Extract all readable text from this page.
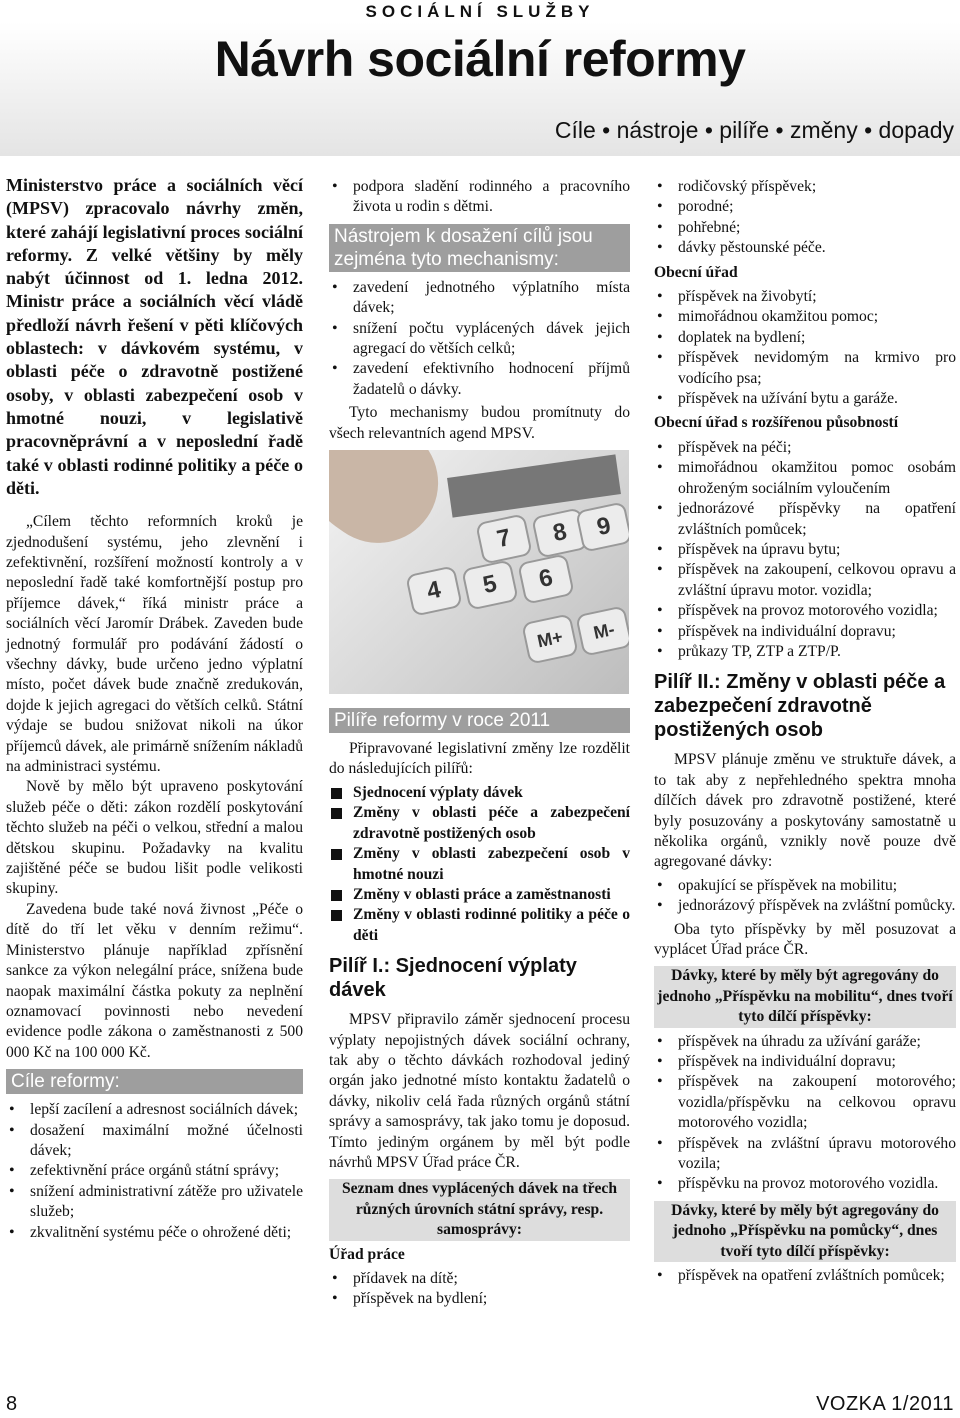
SOCIÁLNÍ SLUŽBY
Návrh sociální reformy
Cíle • nástroje • pilíře • změny • dopady

Ministerstvo práce a sociálních věcí (MPSV) zpracovalo návrhy změn, které zahájí legislativní proces sociální reformy. Z velké většiny by měly nabýt účinnost od 1. ledna 2012. Ministr práce a sociálních věcí vládě předloží návrh řešení v pěti klíčových oblastech: v dávkovém systému, v oblasti péče o zdravotně postižené osoby, v oblasti zabezpečení osob v hmotné nouzi, v legislativě pracovněprávní a v neposlední řadě také v oblasti rodinné politiky a péče o děti.

„Cílem těchto reformních kroků je zjednodušení systému, jeho zlevnění i zefektivnění, rozšíření možností kontroly a v neposlední řadě také komfortnější postup pro příjemce dávek,“ říká ministr práce a sociálních věcí Jaromír Drábek. Zaveden bude jednotný formulář pro podávání žádostí o všechny dávky, bude určeno jedno výplatní místo, počet dávek bude značně zredukován, dojde k jejich agregaci do větších celků. Státní výdaje se budou snižovat nikoli na úkor příjemců dávek, ale primárně snížením nákladů na administraci systému.

Nově by mělo být upraveno poskytování služeb péče o děti: zákon rozdělí poskytování těchto služeb na péči o velkou, střední a malou dětskou skupinu. Požadavky na kvalitu zajištěné péče se budou lišit podle velikosti skupiny.

Zavedena bude také nová živnost „Péče o dítě do tří let věku v denním režimu“. Ministerstvo plánuje například zpřísnění sankce za výkon nelegální práce, snížena bude naopak maximální částka pokuty za neplnění oznamovací povinnosti nebo nevedení evidence podle zákona o zaměstnanosti z 500 000 Kč na 100 000 Kč.

Cíle reformy:
• lepší zacílení a adresnost sociálních dávek;
• dosažení maximální možné účelnosti dávek;
• zefektivnění práce orgánů státní správy;
• snížení administrativní zátěže pro uživatele služeb;
• zkvalitnění systému péče o ohrožené děti;
• podpora sladění rodinného a pracovního života u rodin s dětmi.
Nástrojem k dosažení cílů jsou zejména tyto mechanismy:
• zavedení jednotného výplatního místa dávek;
• snížení počtu vyplácených dávek jejich agregací do větších celků;
• zavedení efektivního hodnocení příjmů žadatelů o dávky.

Tyto mechanismy budou promítnuty do všech relevantních agend MPSV.

7	8	9
4	5	6
M+	M-
Pilíře reformy v roce 2011

Připravované legislativní změny lze rozdělit do následujících pilířů:

Sjednocení výplaty dávek
Změny v oblasti péče a zabezpečení zdravotně postižených osob
Změny v oblasti zabezpečení osob v hmotné nouzi
Změny v oblasti práce a zaměstnanosti
Změny v oblasti rodinné politiky a péče o děti
Pilíř I.: Sjednocení výplaty dávek

MPSV připravilo záměr sjednocení procesu výplaty nepojistných dávek sociální ochrany, tak aby o těchto dávkách rozhodoval jediný orgán jako jednotné místo kontaktu žadatelů o dávky, nikoliv celá řada různých orgánů státní správy a samosprávy, tak jako tomu je doposud. Tímto jediným orgánem by měl být podle návrhů MPSV Úřad práce ČR.

Seznam dnes vyplácených dávek na třech různých úrovních státní správy, resp. samosprávy:
Úřad práce
• přídavek na dítě;
• příspěvek na bydlení;
• rodičovský příspěvek;
• porodné;
• pohřebné;
• dávky pěstounské péče.
Obecní úřad
• příspěvek na živobytí;
• mimořádnou okamžitou pomoc;
• doplatek na bydlení;
• příspěvek nevidomým na krmivo pro vodícího psa;
• příspěvek na užívání bytu a garáže.
Obecní úřad s rozšířenou působností
• příspěvek na péči;
• mimořádnou okamžitou pomoc osobám ohroženým sociálním vyloučením
• jednorázové příspěvky na opatření zvláštních pomůcek;
• příspěvek na úpravu bytu;
• příspěvek na zakoupení, celkovou opravu a zvláštní úpravu motor. vozidla;
• příspěvek na provoz motorového vozidla;
• příspěvek na individuální dopravu;
• průkazy TP, ZTP a ZTP/P.
Pilíř II.: Změny v oblasti péče a zabezpečení zdravotně postižených osob

MPSV plánuje změnu ve struktuře dávek, a to tak aby z nepřehledného spektra mnoha dílčích dávek pro zdravotně postižené, které byly posuzovány a poskytovány samostatně u několika orgánů, vznikly nově pouze dvě agregované dávky:

• opakující se příspěvek na mobilitu;
• jednorázový příspěvek na zvláštní pomůcky.

Oba tyto příspěvky by měl posuzovat a vyplácet Úřad práce ČR.

Dávky, které by měly být agregovány do jednoho „Příspěvku na mobilitu“, dnes tvoří tyto dílčí příspěvky:
• příspěvek na úhradu za užívání garáže;
• příspěvek na individuální dopravu;
• příspěvek na zakoupení motorového; vozidla/příspěvku na celkovou opravu motorového vozidla;
• příspěvek na zvláštní úpravu motorového vozila;
• příspěvku na provoz motorového vozidla.
Dávky, které by měly být agregovány do jednoho „Příspěvku na pomůcky“, dnes tvoří tyto dílčí příspěvky:
• příspěvek na opatření zvláštních pomůcek;
8	VOZKA 1/2011
